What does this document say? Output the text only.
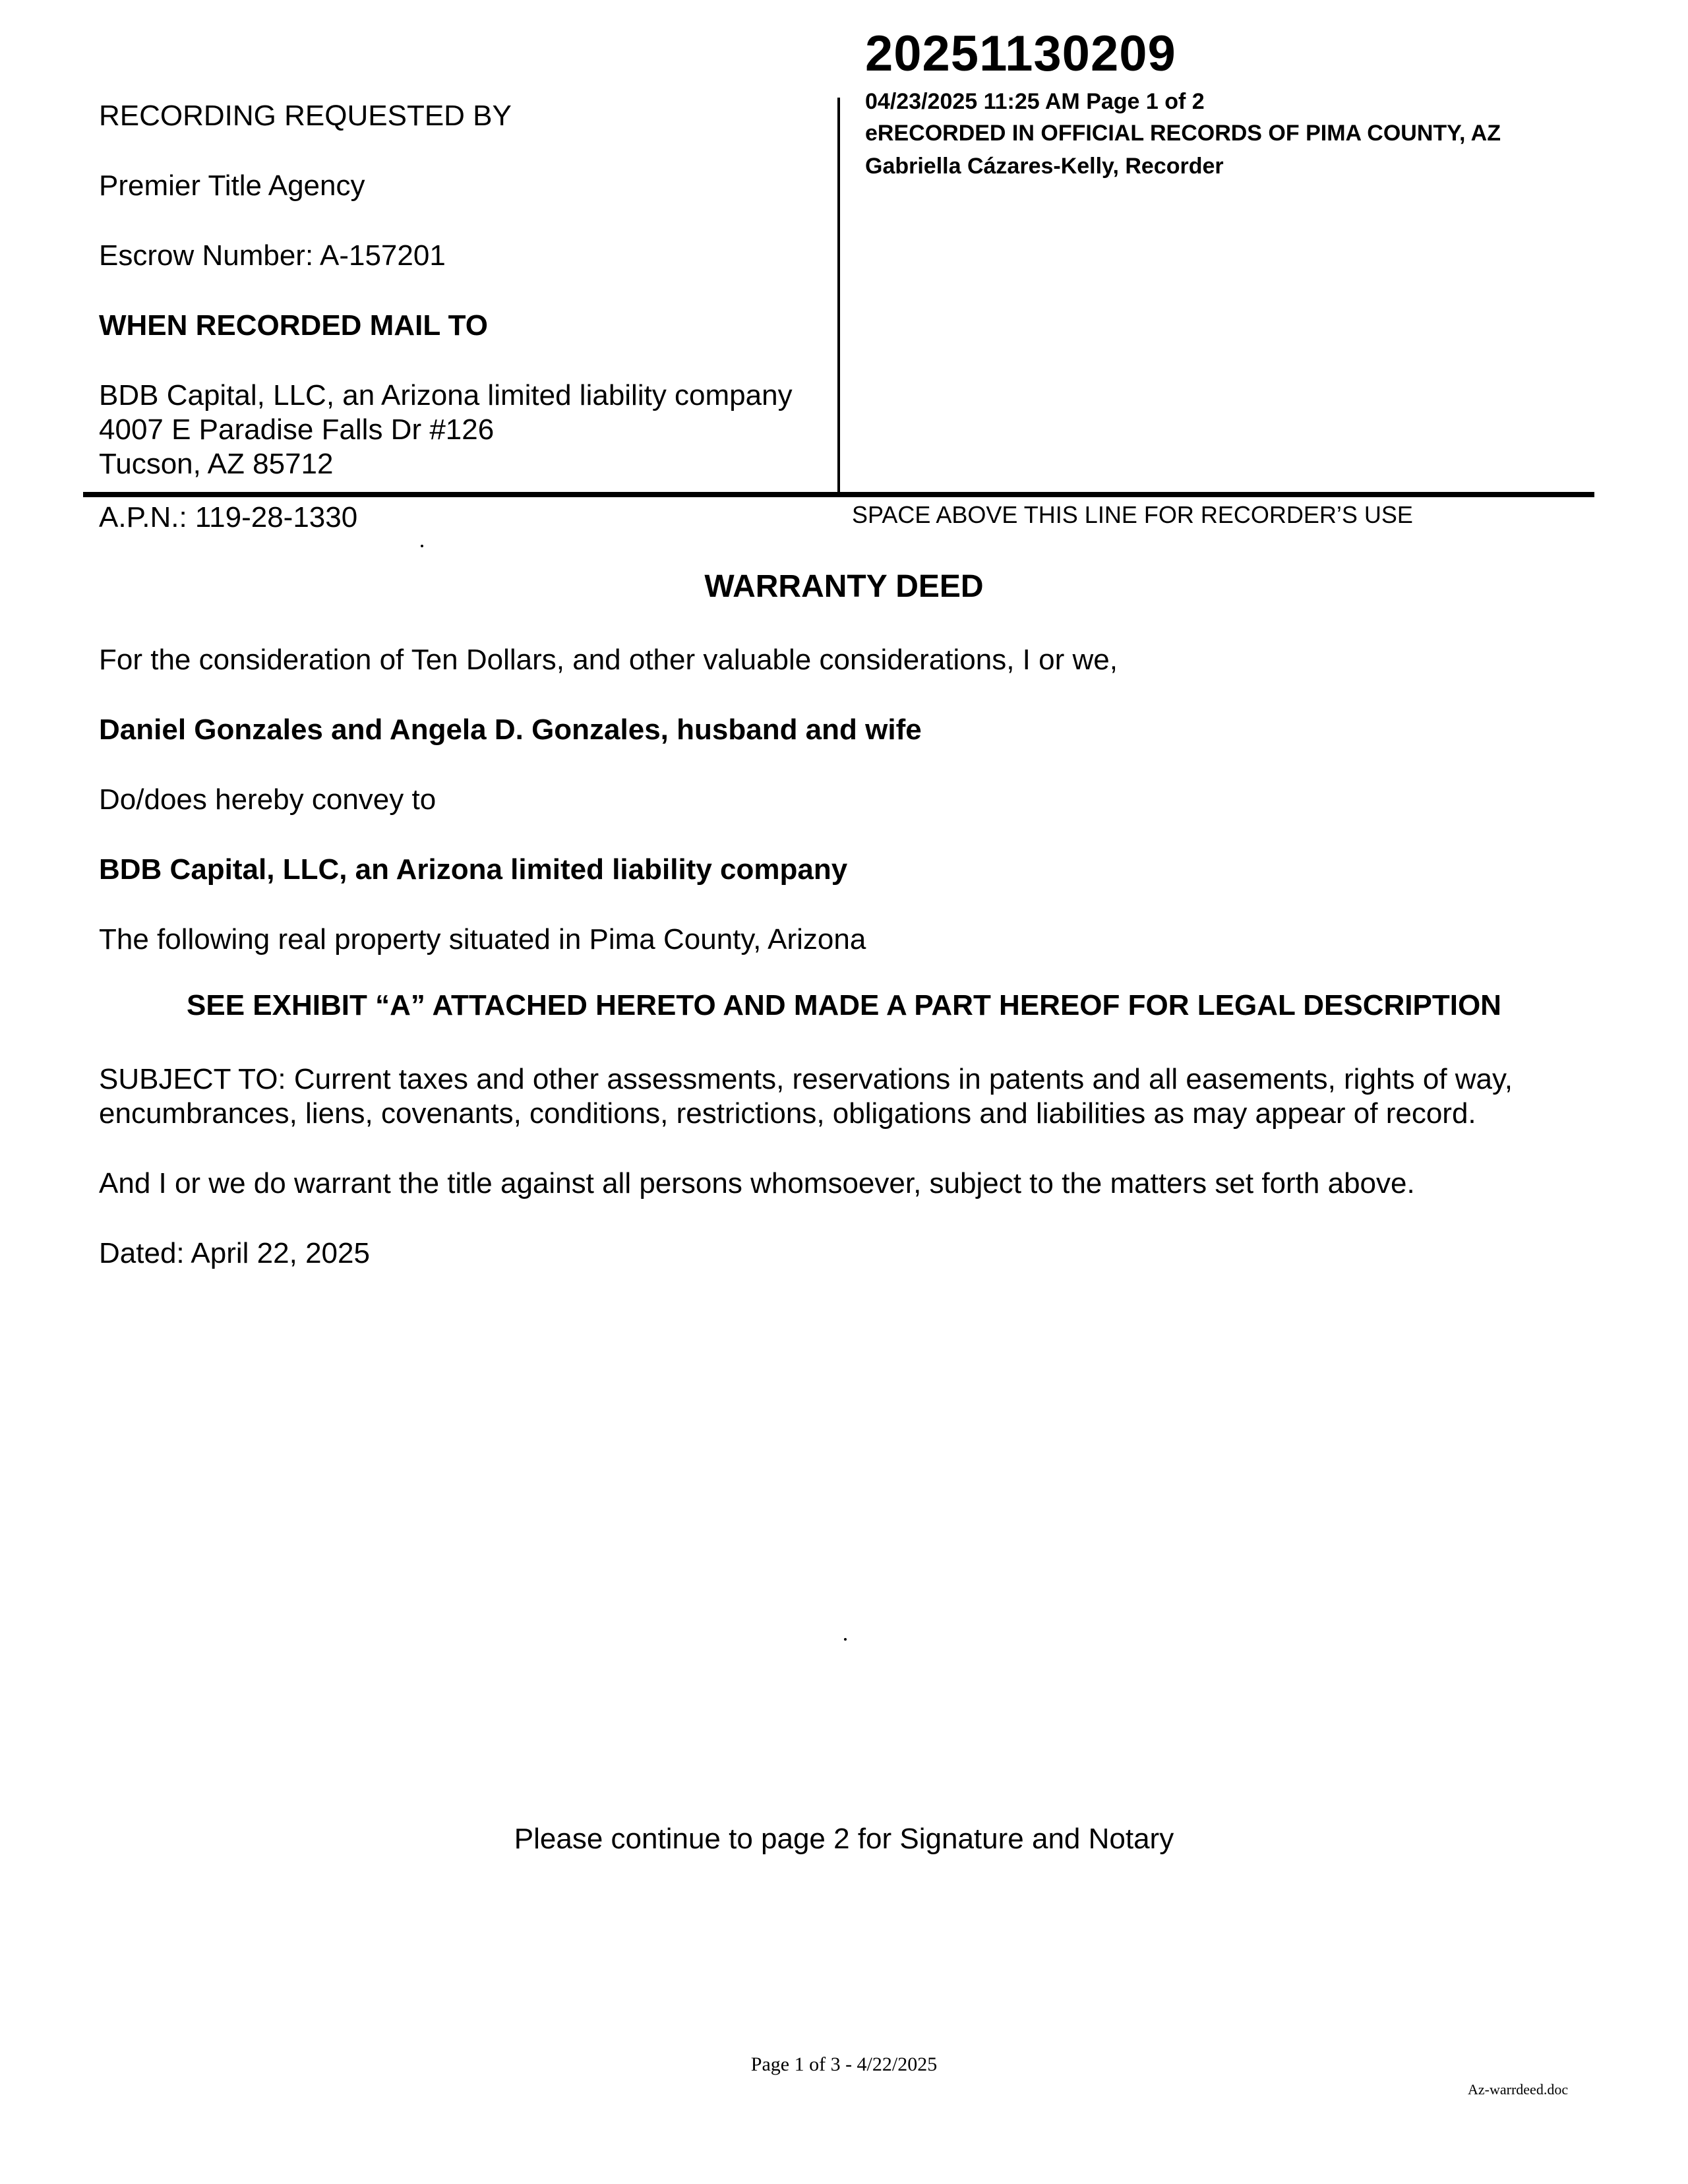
20251130209
04/23/2025 11:25 AM Page 1 of 2
eRECORDED IN OFFICIAL RECORDS OF PIMA COUNTY, AZ
Gabriella Cázares-Kelly, Recorder
RECORDING REQUESTED BY
Premier Title Agency
Escrow Number: A-157201
WHEN RECORDED MAIL TO
BDB Capital, LLC, an Arizona limited liability company
4007 E Paradise Falls Dr #126
Tucson, AZ 85712
A.P.N.: 119-28-1330	SPACE ABOVE THIS LINE FOR RECORDER’S USE
WARRANTY DEED
For the consideration of Ten Dollars, and other valuable considerations, I or we,
Daniel Gonzales and Angela D. Gonzales, husband and wife
Do/does hereby convey to
BDB Capital, LLC, an Arizona limited liability company
The following real property situated in Pima County, Arizona
SEE EXHIBIT “A” ATTACHED HERETO AND MADE A PART HEREOF FOR LEGAL DESCRIPTION
SUBJECT TO: Current taxes and other assessments, reservations in patents and all easements, rights of way,
encumbrances, liens, covenants, conditions, restrictions, obligations and liabilities as may appear of record.
And I or we do warrant the title against all persons whomsoever, subject to the matters set forth above.
Dated: April 22, 2025
Please continue to page 2 for Signature and Notary
Page 1 of 3 - 4/22/2025
Az-warrdeed.doc
